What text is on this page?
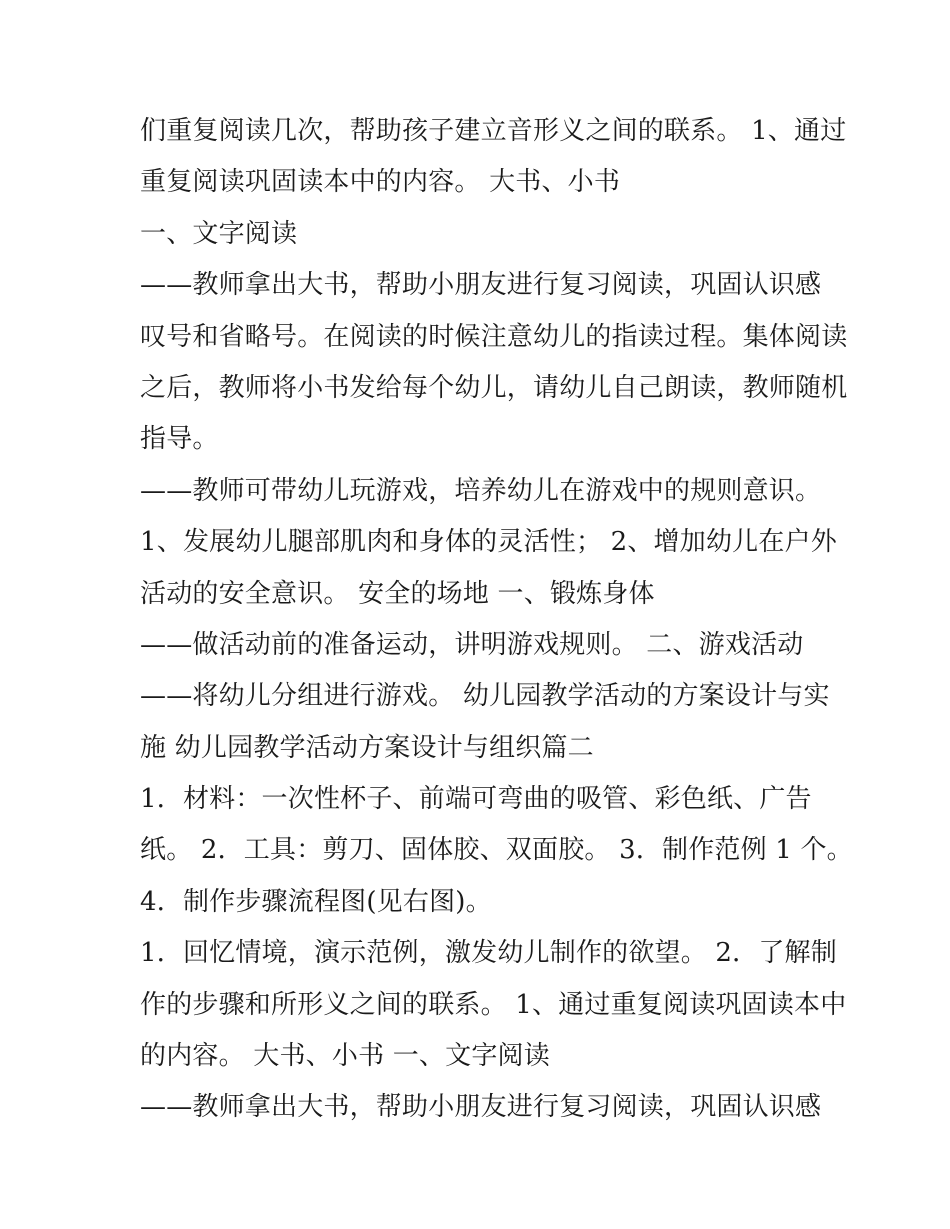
们重复阅读几次，帮助孩子建立音形义之间的联系。 1、通过
重复阅读巩固读本中的内容。 大书、小书
一、文字阅读
——教师拿出大书，帮助小朋友进行复习阅读，巩固认识感
叹号和省略号。在阅读的时候注意幼儿的指读过程。集体阅读
之后，教师将小书发给每个幼儿，请幼儿自己朗读，教师随机
指导。
——教师可带幼儿玩游戏，培养幼儿在游戏中的规则意识。
1、发展幼儿腿部肌肉和身体的灵活性； 2、增加幼儿在户外
活动的安全意识。 安全的场地 一、锻炼身体
——做活动前的准备运动，讲明游戏规则。 二、游戏活动
——将幼儿分组进行游戏。 幼儿园教学活动的方案设计与实
施 幼儿园教学活动方案设计与组织篇二
1．材料：一次性杯子、前端可弯曲的吸管、彩色纸、广告
纸。 2．工具：剪刀、固体胶、双面胶。 3．制作范例 1 个。
4．制作步骤流程图(见右图)。
1．回忆情境，演示范例，激发幼儿制作的欲望。 2．了解制
作的步骤和所形义之间的联系。 1、通过重复阅读巩固读本中
的内容。 大书、小书 一、文字阅读
——教师拿出大书，帮助小朋友进行复习阅读，巩固认识感
